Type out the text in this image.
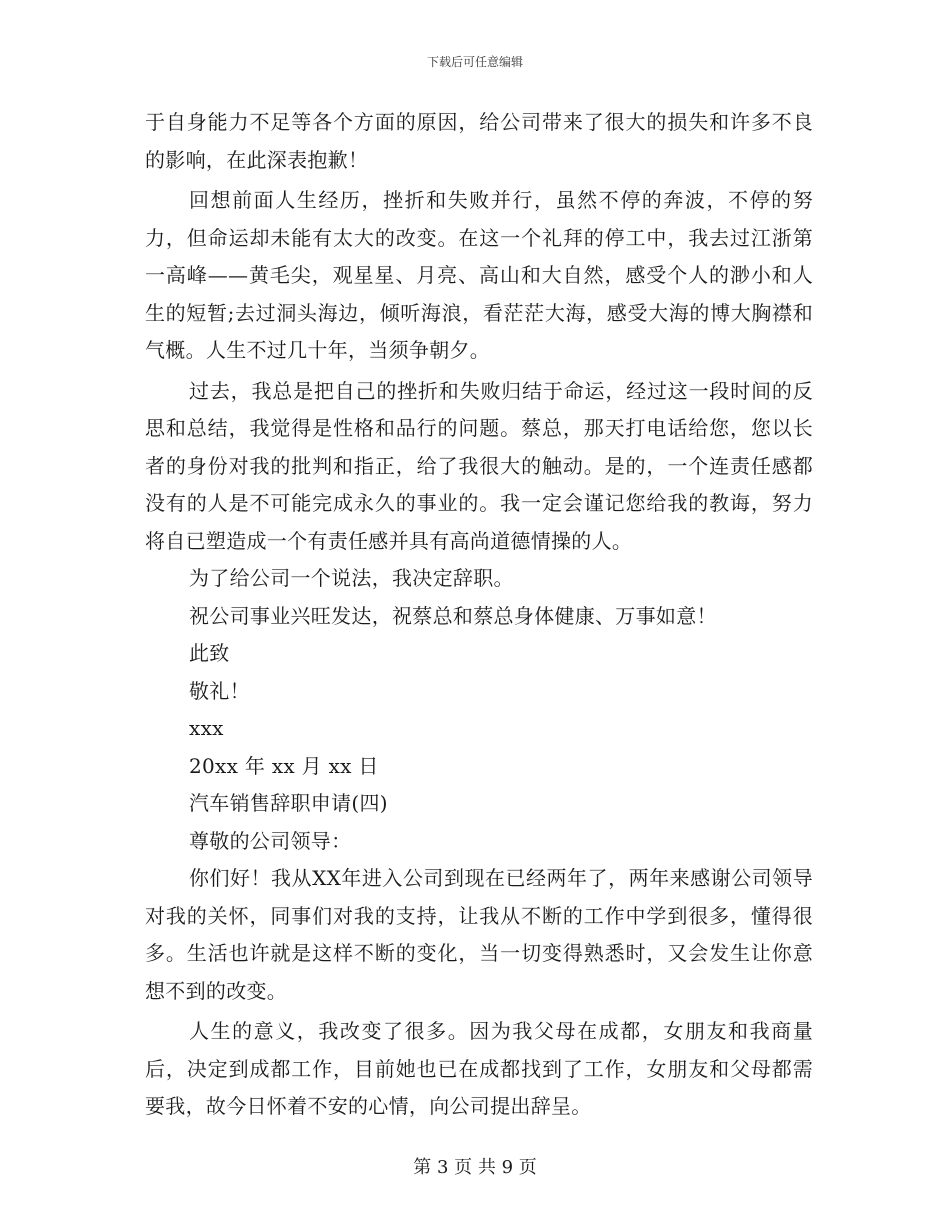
下载后可任意编辑

于自身能力不足等各个方面的原因，给公司带来了很大的损失和许多不良的影响，在此深表抱歉！

回想前面人生经历，挫折和失败并行，虽然不停的奔波，不停的努力，但命运却未能有太大的改变。在这一个礼拜的停工中，我去过江浙第一高峰——黄毛尖，观星星、月亮、高山和大自然，感受个人的渺小和人生的短暂;去过洞头海边，倾听海浪，看茫茫大海，感受大海的博大胸襟和气概。人生不过几十年，当须争朝夕。

过去，我总是把自己的挫折和失败归结于命运，经过这一段时间的反思和总结，我觉得是性格和品行的问题。蔡总，那天打电话给您，您以长者的身份对我的批判和指正，给了我很大的触动。是的，一个连责任感都没有的人是不可能完成永久的事业的。我一定会谨记您给我的教诲，努力将自已塑造成一个有责任感并具有高尚道德情操的人。

为了给公司一个说法，我决定辞职。

祝公司事业兴旺发达，祝蔡总和蔡总身体健康、万事如意！

此致

敬礼！

xxx

20xx 年 xx 月 xx 日

汽车销售辞职申请(四)

尊敬的公司领导：

你们好！我从XX年进入公司到现在已经两年了，两年来感谢公司领导对我的关怀，同事们对我的支持，让我从不断的工作中学到很多，懂得很多。生活也许就是这样不断的变化，当一切变得熟悉时，又会发生让你意想不到的改变。

人生的意义，我改变了很多。因为我父母在成都，女朋友和我商量后，决定到成都工作，目前她也已在成都找到了工作，女朋友和父母都需要我，故今日怀着不安的心情，向公司提出辞呈。

第 3 页 共 9 页
